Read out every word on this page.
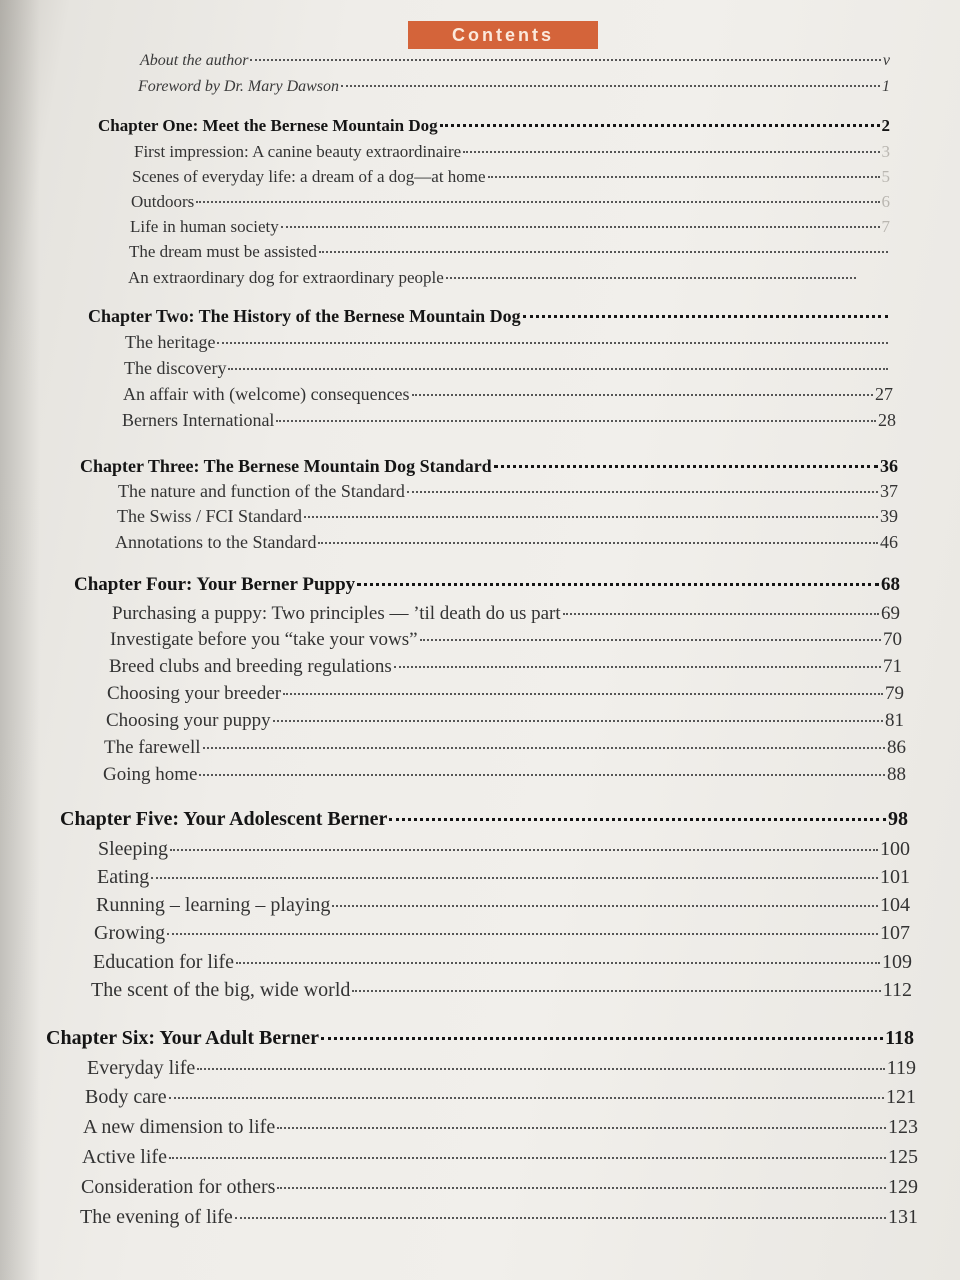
Contents
About the author	v
Foreword by Dr. Mary Dawson	1
Chapter One: Meet the Bernese Mountain Dog	2
First impression: A canine beauty extraordinaire	3
Scenes of everyday life: a dream of a dog—at home	5
Outdoors	6
Life in human society	7
The dream must be assisted
An extraordinary dog for extraordinary people
Chapter Two: The History of the Bernese Mountain Dog
The heritage
The discovery
An affair with (welcome) consequences	27
Berners International	28
Chapter Three: The Bernese Mountain Dog Standard	36
The nature and function of the Standard	37
The Swiss / FCI Standard	39
Annotations to the Standard	46
Chapter Four: Your Berner Puppy	68
Purchasing a puppy: Two principles — ’til death do us part	69
Investigate before you “take your vows”	70
Breed clubs and breeding regulations	71
Choosing your breeder	79
Choosing your puppy	81
The farewell	86
Going home	88
Chapter Five: Your Adolescent Berner	98
Sleeping	100
Eating	101
Running – learning – playing	104
Growing	107
Education for life	109
The scent of the big, wide world	112
Chapter Six: Your Adult Berner	118
Everyday life	119
Body care	121
A new dimension to life	123
Active life	125
Consideration for others	129
The evening of life	131
